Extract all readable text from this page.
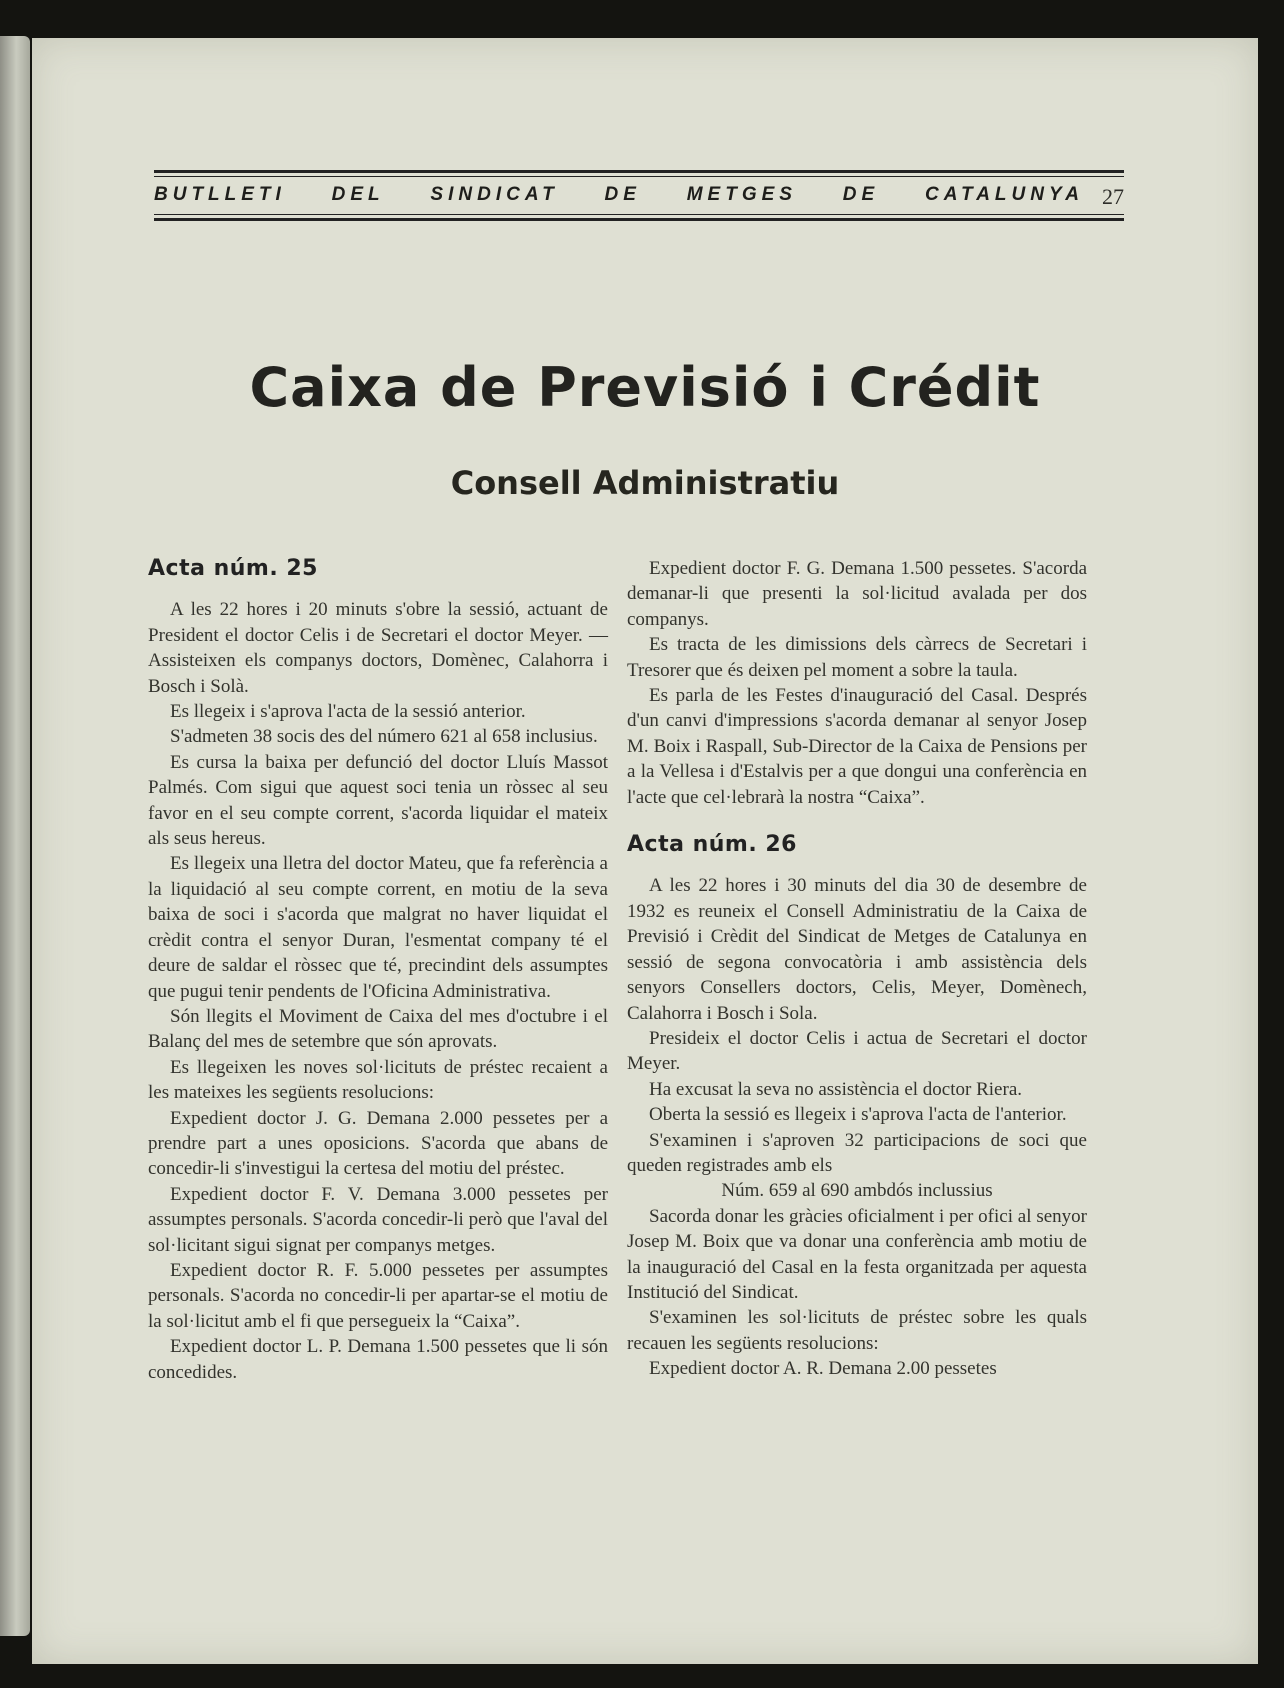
BUTLLETI DEL SINDICAT DE METGES DE CATALUNYA 27
Caixa de Previsió i Crédit
Consell Administratiu
Acta núm. 25

A les 22 hores i 20 minuts s'obre la sessió, actuant de President el doctor Celis i de Secretari el doctor Meyer. — Assisteixen els companys doctors, Domènec, Calahorra i Bosch i Solà.

Es llegeix i s'aprova l'acta de la sessió anterior.

S'admeten 38 socis des del número 621 al 658 inclusius.

Es cursa la baixa per defunció del doctor Lluís Massot Palmés. Com sigui que aquest soci tenia un ròssec al seu favor en el seu compte corrent, s'acorda liquidar el mateix als seus hereus.

Es llegeix una lletra del doctor Mateu, que fa referència a la liquidació al seu compte corrent, en motiu de la seva baixa de soci i s'acorda que malgrat no haver liquidat el crèdit contra el senyor Duran, l'esmentat company té el deure de saldar el ròssec que té, precindint dels assumptes que pugui tenir pendents de l'Oficina Administrativa.

Són llegits el Moviment de Caixa del mes d'octubre i el Balanç del mes de setembre que són aprovats.

Es llegeixen les noves sol·licituts de préstec recaient a les mateixes les següents resolucions:

Expedient doctor J. G. Demana 2.000 pessetes per a prendre part a unes oposicions. S'acorda que abans de concedir-li s'investigui la certesa del motiu del préstec.

Expedient doctor F. V. Demana 3.000 pessetes per assumptes personals. S'acorda concedir-li però que l'aval del sol·licitant sigui signat per companys metges.

Expedient doctor R. F. 5.000 pessetes per assumptes personals. S'acorda no concedir-li per apartar-se el motiu de la sol·licitut amb el fi que persegueix la “Caixa”.

Expedient doctor L. P. Demana 1.500 pessetes que li són concedides.

Expedient doctor F. G. Demana 1.500 pessetes. S'acorda demanar-li que presenti la sol·licitud avalada per dos companys.

Es tracta de les dimissions dels càrrecs de Secretari i Tresorer que és deixen pel moment a sobre la taula.

Es parla de les Festes d'inauguració del Casal. Després d'un canvi d'impressions s'acorda demanar al senyor Josep M. Boix i Raspall, Sub-Director de la Caixa de Pensions per a la Vellesa i d'Estalvis per a que dongui una conferència en l'acte que cel·lebrarà la nostra “Caixa”.

Acta núm. 26

A les 22 hores i 30 minuts del dia 30 de desembre de 1932 es reuneix el Consell Administratiu de la Caixa de Previsió i Crèdit del Sindicat de Metges de Catalunya en sessió de segona convocatòria i amb assistència dels senyors Consellers doctors, Celis, Meyer, Domènech, Calahorra i Bosch i Sola.

Presideix el doctor Celis i actua de Secretari el doctor Meyer.

Ha excusat la seva no assistència el doctor Riera.

Oberta la sessió es llegeix i s'aprova l'acta de l'anterior.

S'examinen i s'aproven 32 participacions de soci que queden registrades amb els

Núm. 659 al 690 ambdós inclussius

Sacorda donar les gràcies oficialment i per ofici al senyor Josep M. Boix que va donar una conferència amb motiu de la inauguració del Casal en la festa organitzada per aquesta Institució del Sindicat.

S'examinen les sol·licituts de préstec sobre les quals recauen les següents resolucions:

Expedient doctor A. R. Demana 2.00 pessetes
